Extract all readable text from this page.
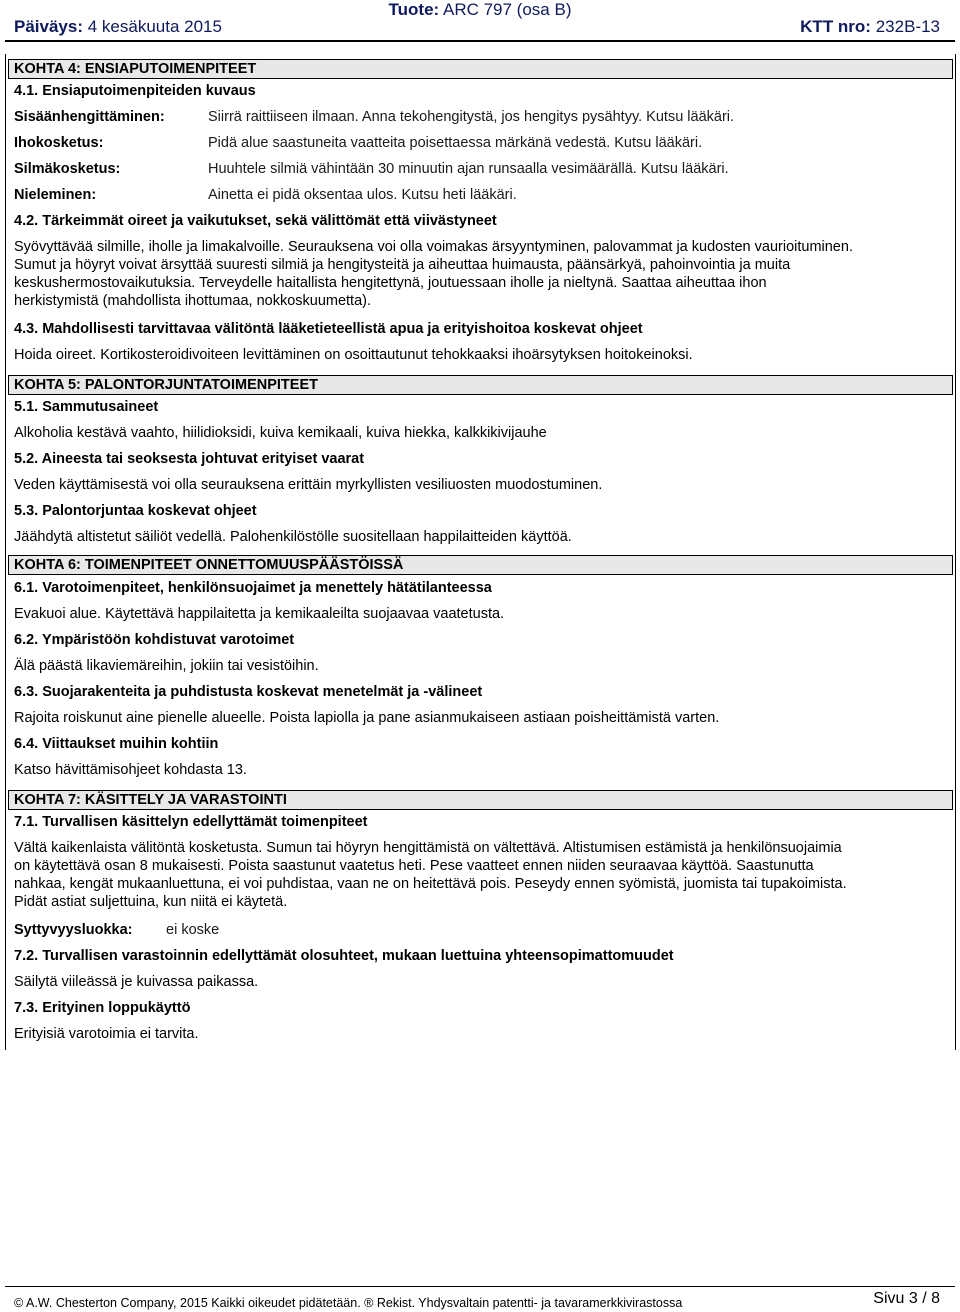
Tuote: ARC 797 (osa B)
Päiväys: 4 kesäkuuta 2015	KTT nro: 232B-13
KOHTA 4: ENSIAPUTOIMENPITEET
4.1. Ensiaputoimenpiteiden kuvaus
Sisäänhengittäminen:	Siirrä raittiiseen ilmaan. Anna tekohengitystä, jos hengitys pysähtyy. Kutsu lääkäri.
Ihokosketus:	Pidä alue saastuneita vaatteita poisettaessa märkänä vedestä. Kutsu lääkäri.
Silmäkosketus:	Huuhtele silmiä vähintään 30 minuutin ajan runsaalla vesimäärällä. Kutsu lääkäri.
Nieleminen:	Ainetta ei pidä oksentaa ulos. Kutsu heti lääkäri.
4.2. Tärkeimmät oireet ja vaikutukset, sekä välittömät että viivästyneet
Syövyttävää silmille, iholle ja limakalvoille. Seurauksena voi olla voimakas ärsyyntyminen, palovammat ja kudosten vaurioituminen.
Sumut ja höyryt voivat ärsyttää suuresti silmiä ja hengitysteitä ja aiheuttaa huimausta, päänsärkyä, pahoinvointia ja muita
keskushermostovaikutuksia. Terveydelle haitallista hengitettynä, joutuessaan iholle ja nieltynä. Saattaa aiheuttaa ihon
herkistymistä (mahdollista ihottumaa, nokkoskuumetta).
4.3. Mahdollisesti tarvittavaa välitöntä lääketieteellistä apua ja erityishoitoa koskevat ohjeet
Hoida oireet. Kortikosteroidivoiteen levittäminen on osoittautunut tehokkaaksi ihoärsytyksen hoitokeinoksi.
KOHTA 5: PALONTORJUNTATOIMENPITEET
5.1. Sammutusaineet
Alkoholia kestävä vaahto, hiilidioksidi, kuiva kemikaali, kuiva hiekka, kalkkikivijauhe
5.2. Aineesta tai seoksesta johtuvat erityiset vaarat
Veden käyttämisestä voi olla seurauksena erittäin myrkyllisten vesiliuosten muodostuminen.
5.3. Palontorjuntaa koskevat ohjeet
Jäähdytä altistetut säiliöt vedellä. Palohenkilöstölle suositellaan happilaitteiden käyttöä.
KOHTA 6: TOIMENPITEET ONNETTOMUUSPÄÄSTÖISSÄ
6.1. Varotoimenpiteet, henkilönsuojaimet ja menettely hätätilanteessa
Evakuoi alue. Käytettävä happilaitetta ja kemikaaleilta suojaavaa vaatetusta.
6.2. Ympäristöön kohdistuvat varotoimet
Älä päästä likaviemäreihin, jokiin tai vesistöihin.
6.3. Suojarakenteita ja puhdistusta koskevat menetelmät ja -välineet
Rajoita roiskunut aine pienelle alueelle. Poista lapiolla ja pane asianmukaiseen astiaan poisheittämistä varten.
6.4. Viittaukset muihin kohtiin
Katso hävittämisohjeet kohdasta 13.
KOHTA 7: KÄSITTELY JA VARASTOINTI
7.1. Turvallisen käsittelyn edellyttämät toimenpiteet
Vältä kaikenlaista välitöntä kosketusta. Sumun tai höyryn hengittämistä on vältettävä. Altistumisen estämistä ja henkilönsuojaimia
on käytettävä osan 8 mukaisesti. Poista saastunut vaatetus heti. Pese vaatteet ennen niiden seuraavaa käyttöä. Saastunutta
nahkaa, kengät mukaanluettuna, ei voi puhdistaa, vaan ne on heitettävä pois. Peseydy ennen syömistä, juomista tai tupakoimista.
Pidät astiat suljettuina, kun niitä ei käytetä.
Syttyvyysluokka: ei koske
7.2. Turvallisen varastoinnin edellyttämät olosuhteet, mukaan luettuina yhteensopimattomuudet
Säilytä viileässä je kuivassa paikassa.
7.3. Erityinen loppukäyttö
Erityisiä varotoimia ei tarvita.
© A.W. Chesterton Company, 2015 Kaikki oikeudet pidätetään. ® Rekist. Yhdysvaltain patentti- ja tavaramerkkivirastossa	Sivu 3 / 8
